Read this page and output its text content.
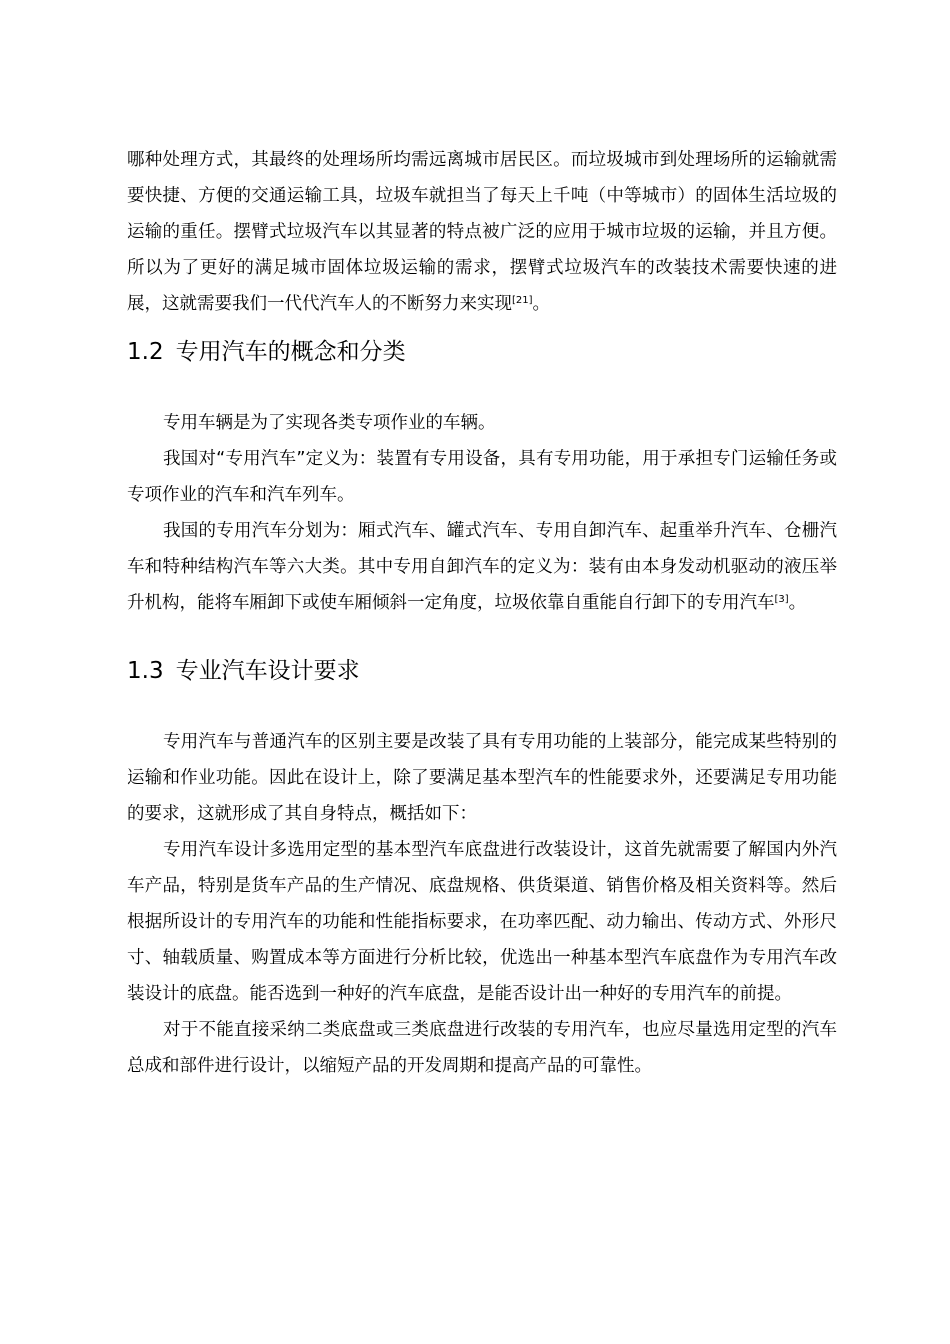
哪种处理方式，其最终的处理场所均需远离城市居民区。而垃圾城市到处理场所的运输就需要快捷、方便的交通运输工具，垃圾车就担当了每天上千吨（中等城市）的固体生活垃圾的运输的重任。摆臂式垃圾汽车以其显著的特点被广泛的应用于城市垃圾的运输，并且方便。所以为了更好的满足城市固体垃圾运输的需求，摆臂式垃圾汽车的改装技术需要快速的进展，这就需要我们一代代汽车人的不断努力来实现[21]。

1.2 专用汽车的概念和分类

专用车辆是为了实现各类专项作业的车辆。

我国对“专用汽车”定义为：装置有专用设备，具有专用功能，用于承担专门运输任务或专项作业的汽车和汽车列车。

我国的专用汽车分划为：厢式汽车、罐式汽车、专用自卸汽车、起重举升汽车、仓栅汽车和特种结构汽车等六大类。其中专用自卸汽车的定义为：装有由本身发动机驱动的液压举升机构，能将车厢卸下或使车厢倾斜一定角度，垃圾依靠自重能自行卸下的专用汽车[3]。

1.3 专业汽车设计要求

专用汽车与普通汽车的区别主要是改装了具有专用功能的上装部分，能完成某些特别的运输和作业功能。因此在设计上，除了要满足基本型汽车的性能要求外，还要满足专用功能的要求，这就形成了其自身特点，概括如下：

专用汽车设计多选用定型的基本型汽车底盘进行改装设计，这首先就需要了解国内外汽车产品，特别是货车产品的生产情况、底盘规格、供货渠道、销售价格及相关资料等。然后根据所设计的专用汽车的功能和性能指标要求，在功率匹配、动力输出、传动方式、外形尺寸、轴载质量、购置成本等方面进行分析比较，优选出一种基本型汽车底盘作为专用汽车改装设计的底盘。能否选到一种好的汽车底盘，是能否设计出一种好的专用汽车的前提。

对于不能直接采纳二类底盘或三类底盘进行改装的专用汽车，也应尽量选用定型的汽车总成和部件进行设计，以缩短产品的开发周期和提高产品的可靠性。
